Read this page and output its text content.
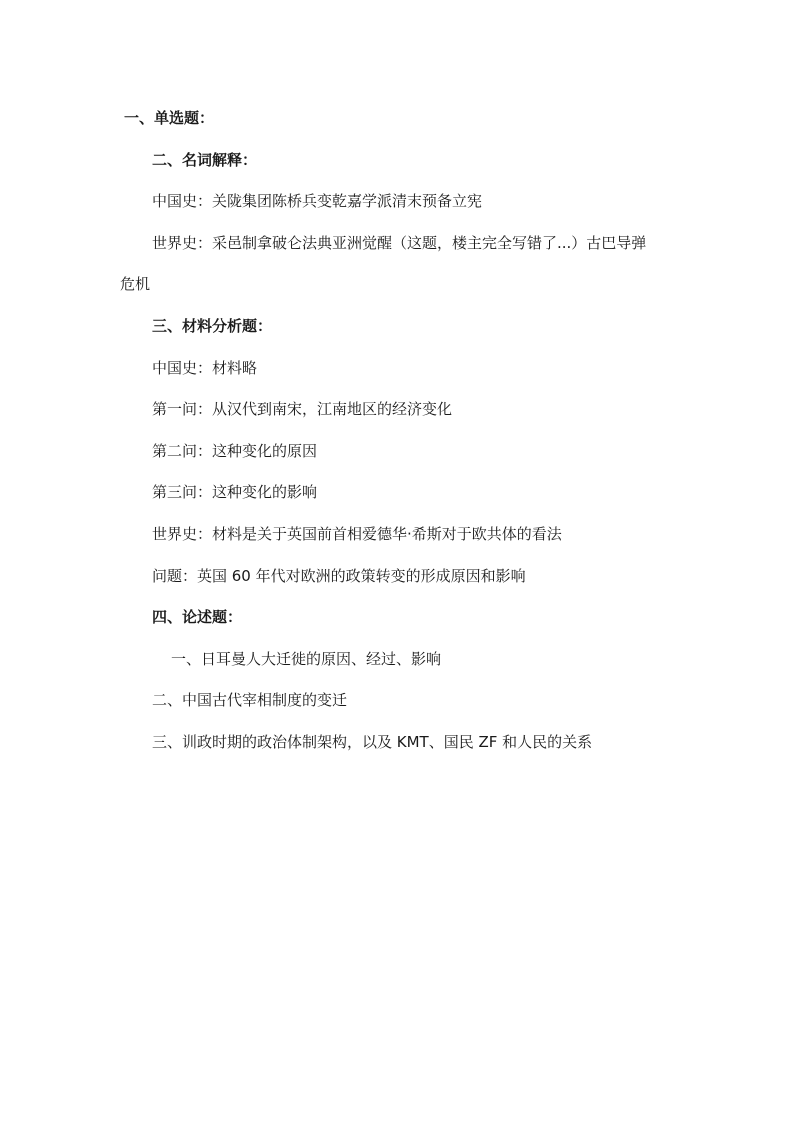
一、单选题：
二、名词解释：
中国史：关陇集团陈桥兵变乾嘉学派清末预备立宪
世界史：采邑制拿破仑法典亚洲觉醒（这题，楼主完全写错了...）古巴导弹
危机
三、材料分析题：
中国史：材料略
第一问：从汉代到南宋，江南地区的经济变化
第二问：这种变化的原因
第三问：这种变化的影响
世界史：材料是关于英国前首相爱德华·希斯对于欧共体的看法
问题：英国 60 年代对欧洲的政策转变的形成原因和影响
四、论述题：
一、日耳曼人大迁徙的原因、经过、影响
二、中国古代宰相制度的变迁
三、训政时期的政治体制架构，以及 KMT、国民 ZF 和人民的关系
